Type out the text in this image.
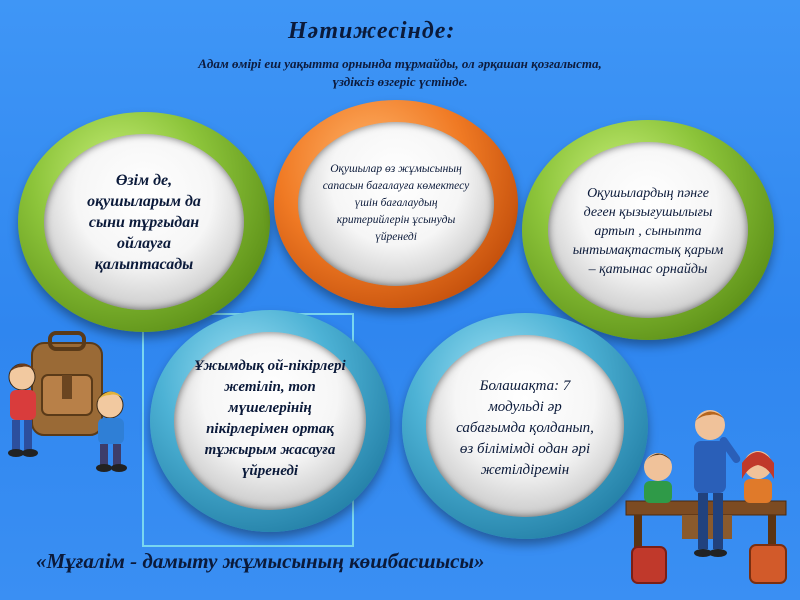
Нәтижесінде:
Адам өмірі еш уақытта орнында тұрмайды, ол әрқашан қозғалыста,
үздіксіз өзгеріс үстінде.
Өзім де, оқушыларым да сыни тұрғыдан ойлауға қалыптасады
Оқушылар өз жұмысының сапасын бағалауға көмектесу үшін бағалаудың критерийлерін ұсынуды үйренеді
Оқушылардың пәнге деген қызығушылығы артып , сыныпта ынтымақтастық қарым – қатынас орнайды
Ұжымдық ой-пікірлері жетіліп, топ мүшелерінің пікірлерімен ортақ тұжырым жасауға үйренеді
Болашақта: 7 модульді әр сабағымда қолданып, өз білімімді одан әрі жетілдіремін
«Мұғалім - дамыту жұмысының көшбасшысы»
